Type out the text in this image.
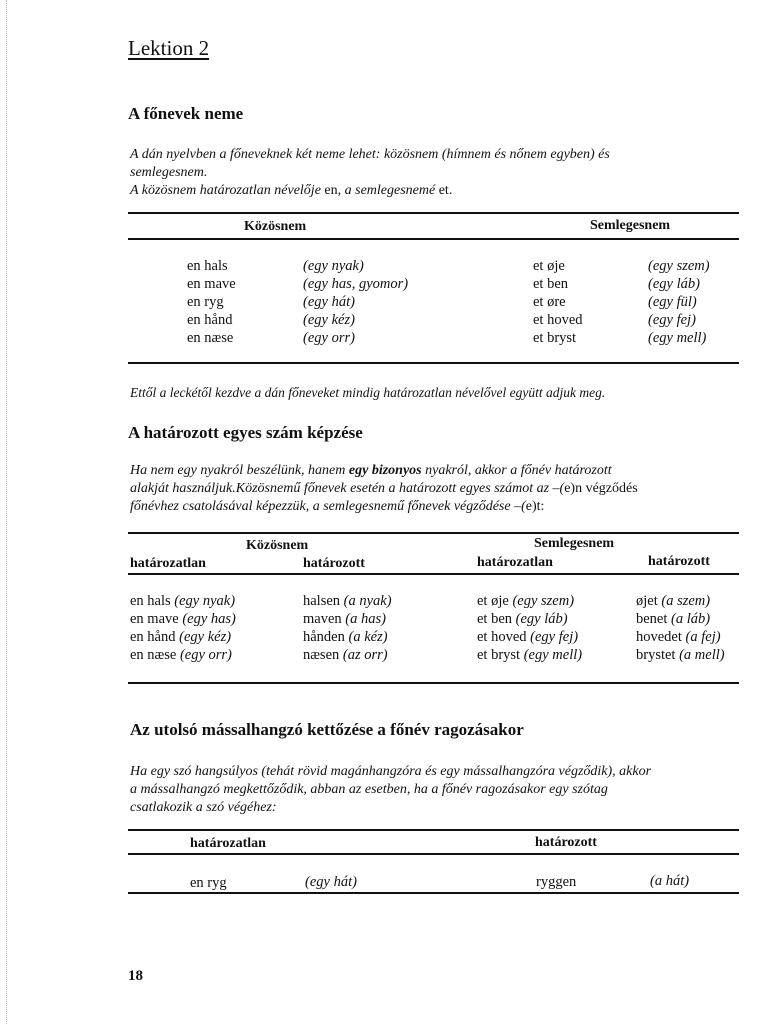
Lektion 2
A főnevek neme
A dán nyelvben a főneveknek két neme lehet: közösnem (hímnem és nőnem egyben) és
semlegesnem.
A közösnem határozatlan névelője en, a semlegesnemé et.
Közösnem	Semlegesnem
en hals	(egy nyak)	et øje	(egy szem)
en mave	(egy has, gyomor)	et ben	(egy láb)
en ryg	(egy hát)	et øre	(egy fül)
en hånd	(egy kéz)	et hoved	(egy fej)
en næse	(egy orr)	et bryst	(egy mell)
Ettől a leckétől kezdve a dán főneveket mindig határozatlan névelővel együtt adjuk meg.
A határozott egyes szám képzése
Ha nem egy nyakról beszélünk, hanem egy bizonyos nyakról, akkor a főnév határozott
alakját használjuk.Közösnemű főnevek esetén a határozott egyes számot az –(e)n végződés
főnévhez csatolásával képezzük, a semlegesnemű főnevek végződése –(e)t:
Közösnem	Semlegesnem
határozatlan	határozott	határozatlan	határozott
en hals (egy nyak)	halsen (a nyak)	et øje (egy szem)	øjet (a szem)
en mave (egy has)	maven (a has)	et ben (egy láb)	benet (a láb)
en hånd (egy kéz)	hånden (a kéz)	et hoved (egy fej)	hovedet (a fej)
en næse (egy orr)	næsen (az orr)	et bryst (egy mell)	brystet (a mell)
Az utolsó mássalhangzó kettőzése a főnév ragozásakor
Ha egy szó hangsúlyos (tehát rövid magánhangzóra és egy mássalhangzóra végződik), akkor
a mássalhangzó megkettőződik, abban az esetben, ha a főnév ragozásakor egy szótag
csatlakozik a szó végéhez:
határozatlan	határozott
en ryg	(egy hát)	ryggen	(a hát)
18
